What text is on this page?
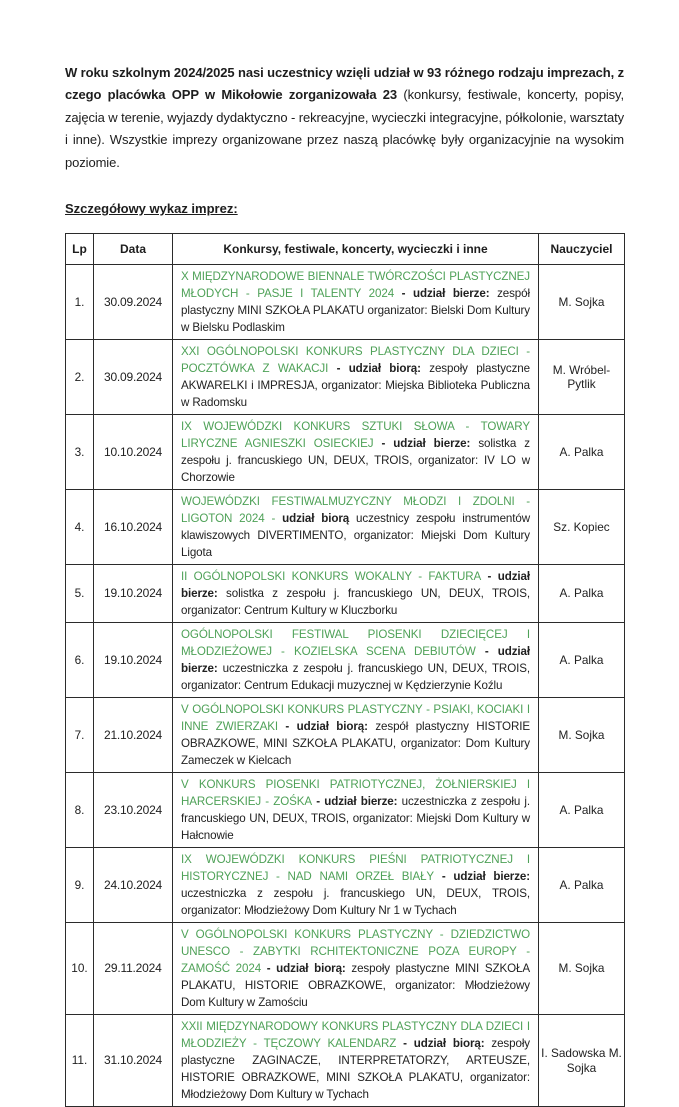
W roku szkolnym 2024/2025 nasi uczestnicy wzięli udział w 93 różnego rodzaju imprezach, z czego placówka OPP w Mikołowie zorganizowała 23 (konkursy, festiwale, koncerty, popisy, zajęcia w terenie, wyjazdy dydaktyczno - rekreacyjne, wycieczki integracyjne, półkolonie, warsztaty i inne). Wszystkie imprezy organizowane przez naszą placówkę były organizacyjnie na wysokim poziomie.

Szczegółowy wykaz imprez:

Lp	Data	Konkursy, festiwale, koncerty, wycieczki i inne	Nauczyciel
1.	30.09.2024	X MIĘDZYNARODOWE BIENNALE TWÓRCZOŚCI PLASTYCZNEJ MŁODYCH - PASJE I TALENTY 2024 - udział bierze: zespół plastyczny MINI SZKOŁA PLAKATU organizator: Bielski Dom Kultury w Bielsku Podlaskim	M. Sojka
2.	30.09.2024	XXI OGÓLNOPOLSKI KONKURS PLASTYCZNY DLA DZIECI - POCZTÓWKA Z WAKACJI - udział biorą: zespoły plastyczne AKWARELKI i IMPRESJA, organizator: Miejska Biblioteka Publiczna w Radomsku	M. Wróbel-Pytlik
3.	10.10.2024	IX WOJEWÓDZKI KONKURS SZTUKI SŁOWA - TOWARY LIRYCZNE AGNIESZKI OSIECKIEJ - udział bierze: solistka z zespołu j. francuskiego UN, DEUX, TROIS, organizator: IV LO w Chorzowie	A. Palka
4.	16.10.2024	WOJEWÓDZKI FESTIWALMUZYCZNY MŁODZI I ZDOLNI - LIGOTON 2024 - udział biorą uczestnicy zespołu instrumentów klawiszowych DIVERTIMENTO, organizator: Miejski Dom Kultury Ligota	Sz. Kopiec
5.	19.10.2024	II OGÓLNOPOLSKI KONKURS WOKALNY - FAKTURA - udział bierze: solistka z zespołu j. francuskiego UN, DEUX, TROIS, organizator: Centrum Kultury w Kluczborku	A. Palka
6.	19.10.2024	OGÓLNOPOLSKI FESTIWAL PIOSENKI DZIECIĘCEJ I MŁODZIEŻOWEJ - KOZIELSKA SCENA DEBIUTÓW - udział bierze: uczestniczka z zespołu j. francuskiego UN, DEUX, TROIS, organizator: Centrum Edukacji muzycznej w Kędzierzynie Koźlu	A. Palka
7.	21.10.2024	V OGÓLNOPOLSKI KONKURS PLASTYCZNY - PSIAKI, KOCIAKI I INNE ZWIERZAKI - udział biorą: zespół plastyczny HISTORIE OBRAZKOWE, MINI SZKOŁA PLAKATU, organizator: Dom Kultury Zameczek w Kielcach	M. Sojka
8.	23.10.2024	V KONKURS PIOSENKI PATRIOTYCZNEJ, ŻOŁNIERSKIEJ I HARCERSKIEJ - ZOŚKA - udział bierze: uczestniczka z zespołu j. francuskiego UN, DEUX, TROIS, organizator: Miejski Dom Kultury w Hałcnowie	A. Palka
9.	24.10.2024	IX WOJEWÓDZKI KONKURS PIEŚNI PATRIOTYCZNEJ I HISTORYCZNEJ - NAD NAMI ORZEŁ BIAŁY - udział bierze: uczestniczka z zespołu j. francuskiego UN, DEUX, TROIS, organizator: Młodzieżowy Dom Kultury Nr 1 w Tychach	A. Palka
10.	29.11.2024	V OGÓLNOPOLSKI KONKURS PLASTYCZNY - DZIEDZICTWO UNESCO - ZABYTKI RCHITEKTONICZNE POZA EUROPY - ZAMOŚĆ 2024 - udział biorą: zespoły plastyczne MINI SZKOŁA PLAKATU, HISTORIE OBRAZKOWE, organizator: Młodzieżowy Dom Kultury w Zamościu	M. Sojka
11.	31.10.2024	XXII MIĘDZYNARODOWY KONKURS PLASTYCZNY DLA DZIECI I MŁODZIEŻY - TĘCZOWY KALENDARZ - udział biorą: zespoły plastyczne ZAGINACZE, INTERPRETATORZY, ARTEUSZE, HISTORIE OBRAZKOWE, MINI SZKOŁA PLAKATU, organizator: Młodzieżowy Dom Kultury w Tychach	I. Sadowska M. Sojka
